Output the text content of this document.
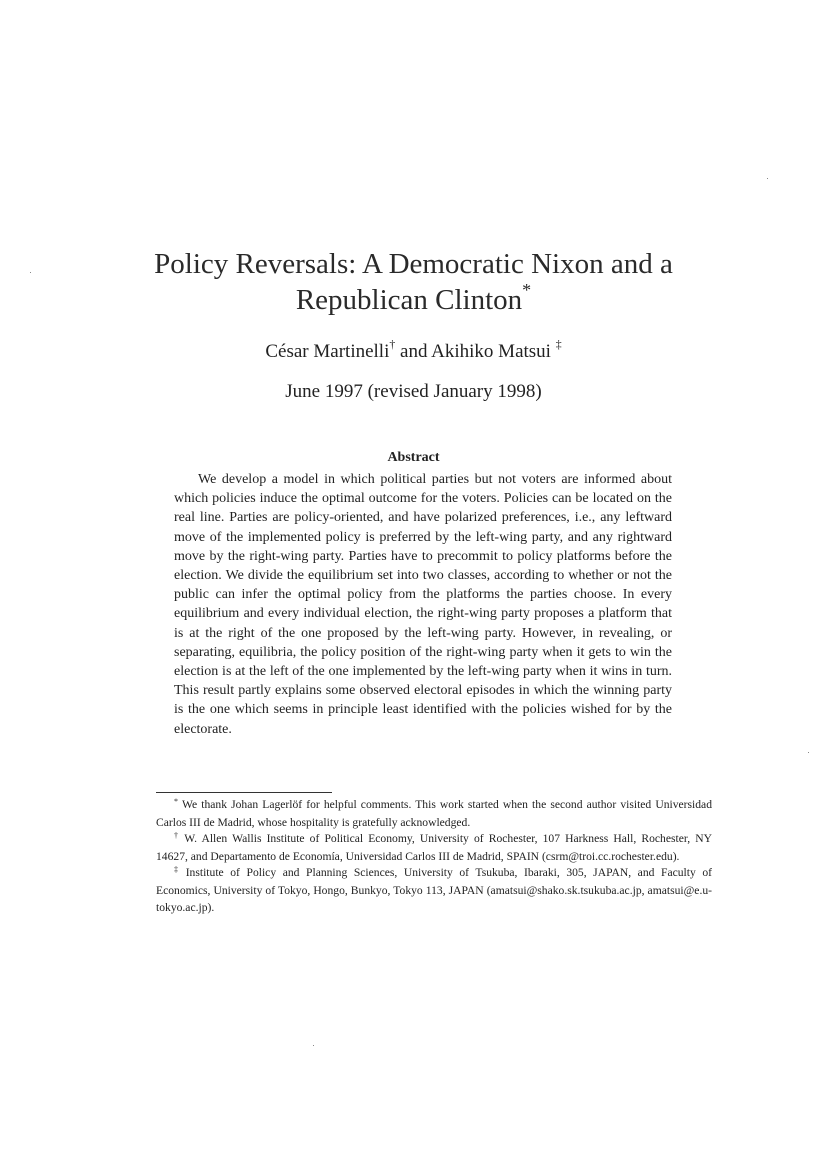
Policy Reversals: A Democratic Nixon and a
Republican Clinton*
César Martinelli† and Akihiko Matsui ‡
June 1997 (revised January 1998)
Abstract

We develop a model in which political parties but not voters are informed about which policies induce the optimal outcome for the voters. Policies can be located on the real line. Parties are policy-oriented, and have polarized preferences, i.e., any leftward move of the implemented policy is preferred by the left-wing party, and any rightward move by the right-wing party. Parties have to precommit to policy platforms before the election. We divide the equilibrium set into two classes, according to whether or not the public can infer the optimal policy from the platforms the parties choose. In every equilibrium and every individual election, the right-wing party proposes a platform that is at the right of the one proposed by the left-wing party. However, in revealing, or separating, equilibria, the policy position of the right-wing party when it gets to win the election is at the left of the one implemented by the left-wing party when it wins in turn. This result partly explains some observed electoral episodes in which the winning party is the one which seems in principle least identified with the policies wished for by the electorate.

* We thank Johan Lagerlöf for helpful comments. This work started when the second author visited Universidad Carlos III de Madrid, whose hospitality is gratefully acknowledged.

† W. Allen Wallis Institute of Political Economy, University of Rochester, 107 Harkness Hall, Rochester, NY 14627, and Departamento de Economía, Universidad Carlos III de Madrid, SPAIN (csrm@troi.cc.rochester.edu).

‡ Institute of Policy and Planning Sciences, University of Tsukuba, Ibaraki, 305, JAPAN, and Faculty of Economics, University of Tokyo, Hongo, Bunkyo, Tokyo 113, JAPAN (amatsui@shako.sk.tsukuba.ac.jp, amatsui@e.u-tokyo.ac.jp).
